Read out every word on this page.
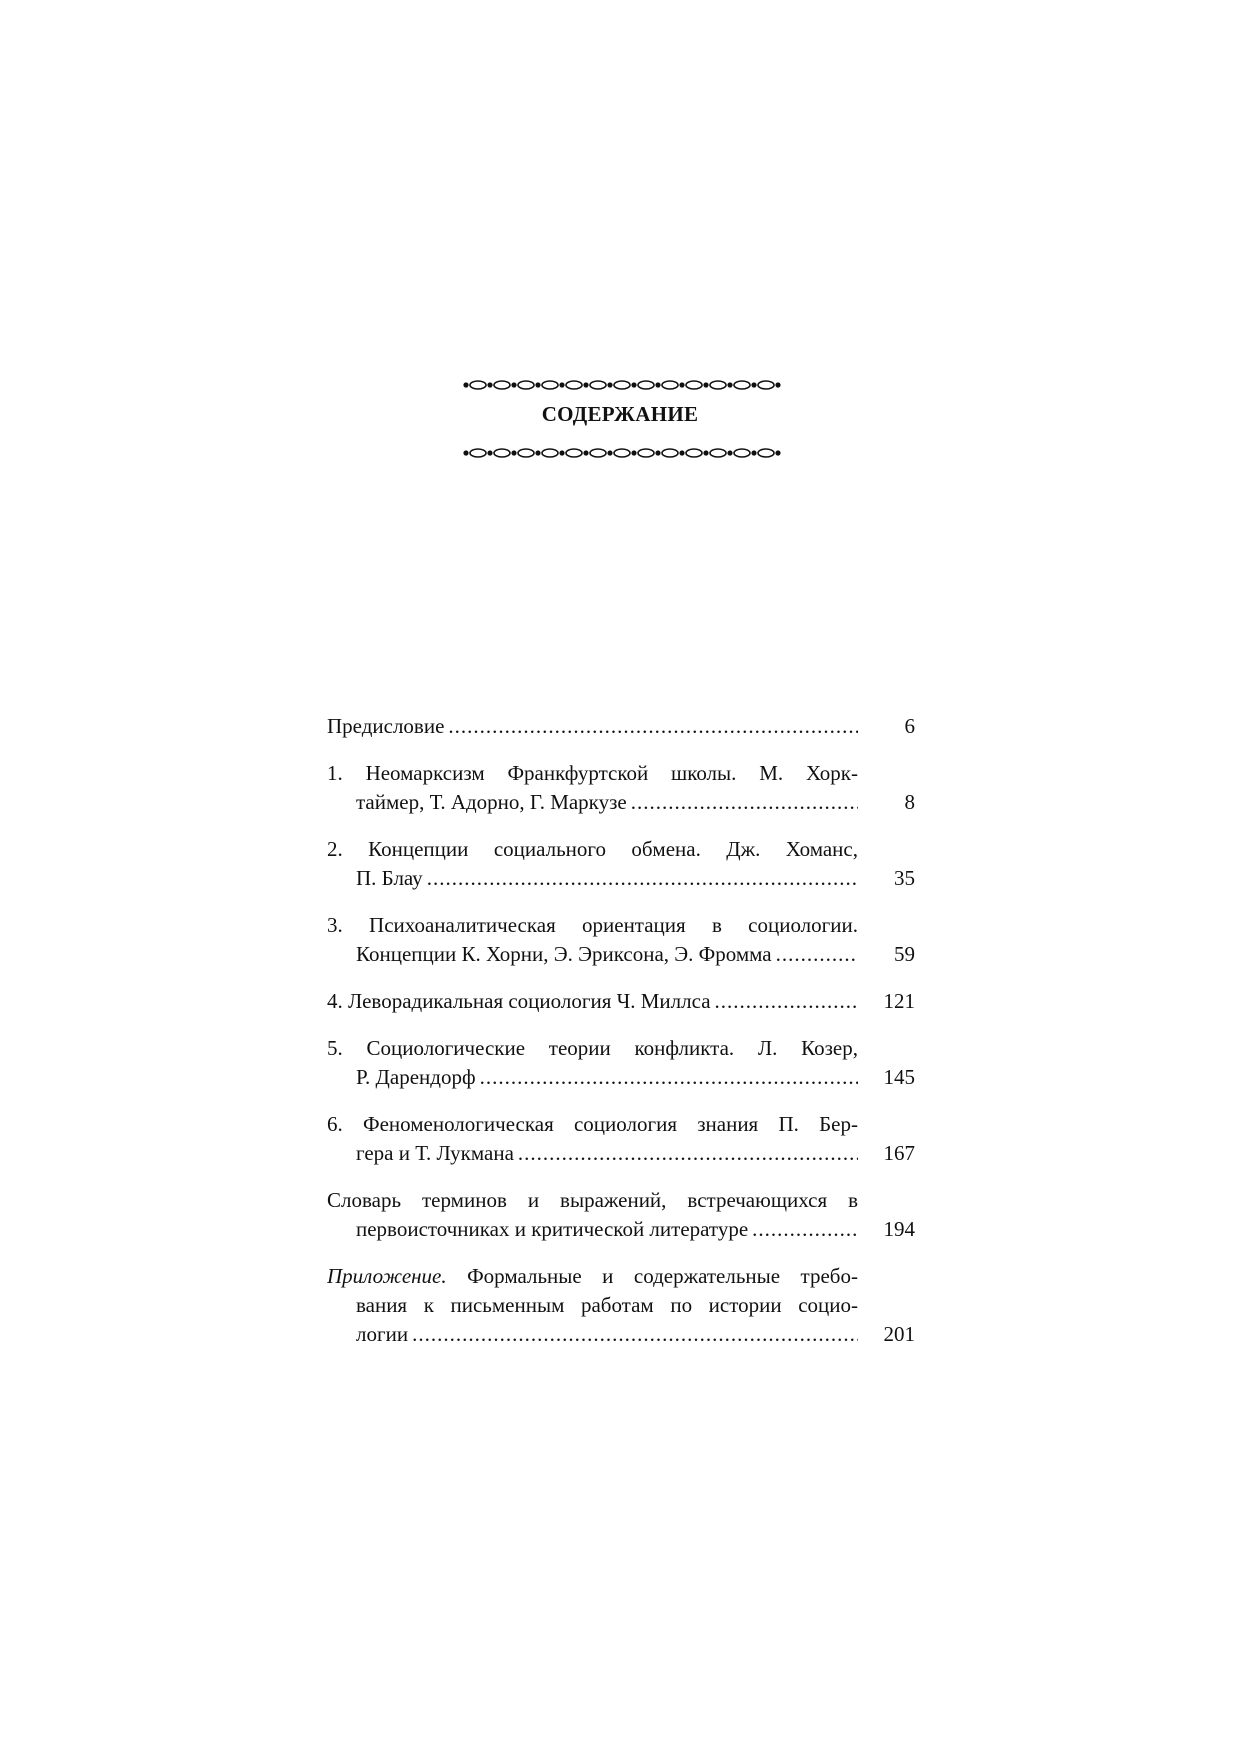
СОДЕРЖАНИЕ
Предисловие .....	6
1. Неомарксизм Франкфуртской школы. М. Хорк-
таймер, Т. Адорно, Г. Маркузе .....	8
2. Концепции социального обмена. Дж. Хоманс,
П. Блау .....	35
3. Психоаналитическая ориентация в социологии.
Концепции К. Хорни, Э. Эриксона, Э. Фромма .....	59
4. Леворадикальная социология Ч. Миллса .....	121
5. Социологические теории конфликта. Л. Козер,
Р. Дарендорф .....	145
6. Феноменологическая социология знания П. Бер-
гера и Т. Лукмана .....	167
Словарь терминов и выражений, встречающихся в
первоисточниках и критической литературе .....	194
Приложение. Формальные и содержательные требо-
вания к письменным работам по истории социо-
логии .....	201
